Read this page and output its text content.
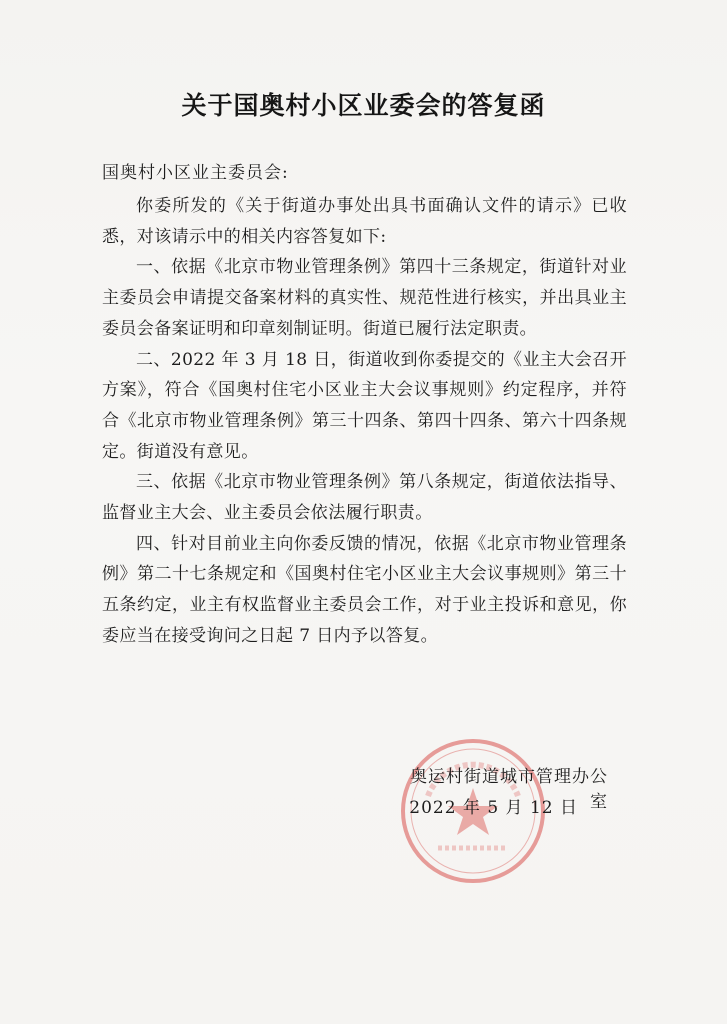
关于国奥村小区业委会的答复函
国奥村小区业主委员会:

你委所发的《关于街道办事处出具书面确认文件的请示》已收悉，对该请示中的相关内容答复如下:

一、依据《北京市物业管理条例》第四十三条规定，街道针对业主委员会申请提交备案材料的真实性、规范性进行核实，并出具业主委员会备案证明和印章刻制证明。街道已履行法定职责。

二、2022 年 3 月 18 日，街道收到你委提交的《业主大会召开方案》，符合《国奥村住宅小区业主大会议事规则》约定程序，并符合《北京市物业管理条例》第三十四条、第四十四条、第六十四条规定。街道没有意见。

三、依据《北京市物业管理条例》第八条规定，街道依法指导、监督业主大会、业主委员会依法履行职责。

四、针对目前业主向你委反馈的情况，依据《北京市物业管理条例》第二十七条规定和《国奥村住宅小区业主大会议事规则》第三十五条约定，业主有权监督业主委员会工作，对于业主投诉和意见，你委应当在接受询问之日起 7 日内予以答复。

奥运村街道城市管理办公室
2022 年 5 月 12 日
